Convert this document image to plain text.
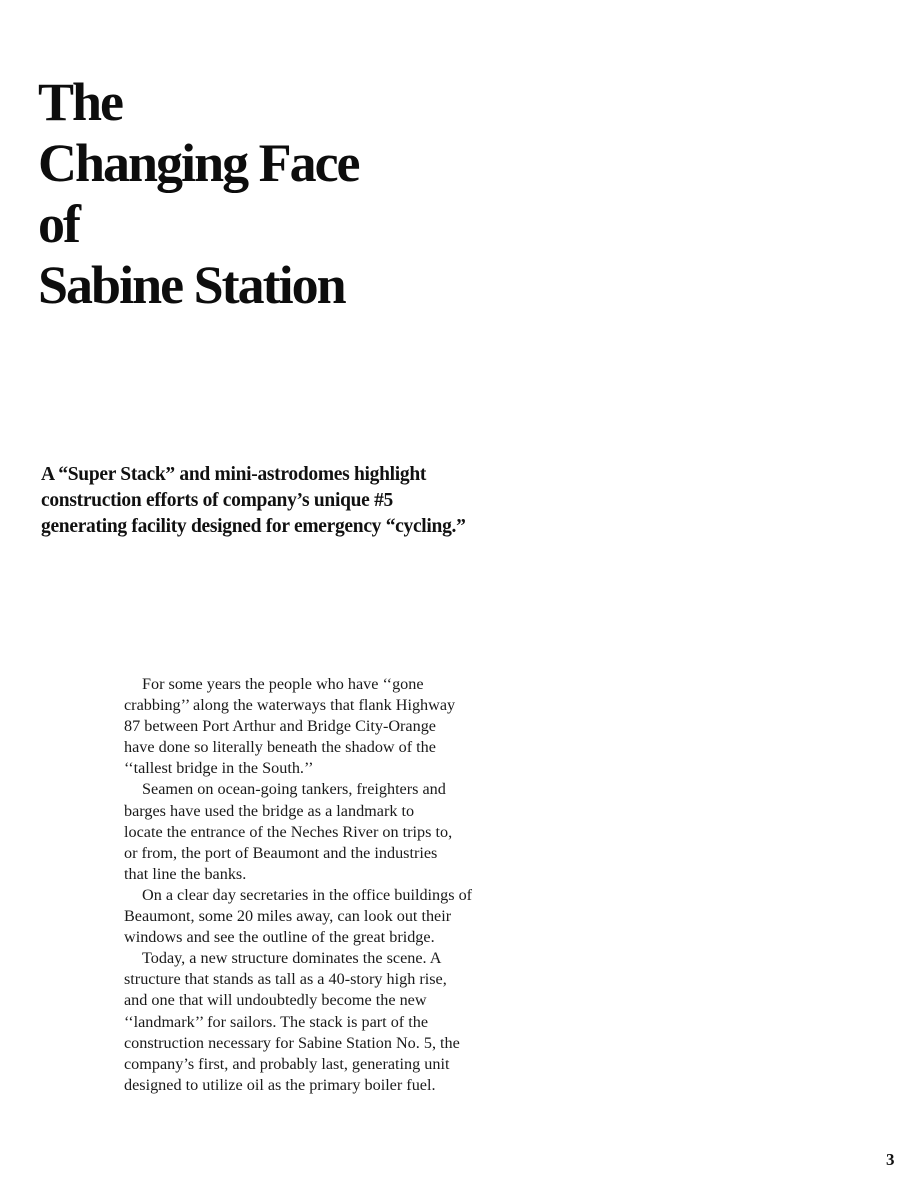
The
Changing Face
of
Sabine Station
A “Super Stack” and mini-astrodomes highlight
construction efforts of company’s unique #5
generating facility designed for emergency “cycling.”
For some years the people who have ‘‘gone
crabbing’’ along the waterways that flank Highway
87 between Port Arthur and Bridge City-Orange
have done so literally beneath the shadow of the
‘‘tallest bridge in the South.’’
Seamen on ocean-going tankers, freighters and
barges have used the bridge as a landmark to
locate the entrance of the Neches River on trips to,
or from, the port of Beaumont and the industries
that line the banks.
On a clear day secretaries in the office buildings of
Beaumont, some 20 miles away, can look out their
windows and see the outline of the great bridge.
Today, a new structure dominates the scene. A
structure that stands as tall as a 40-story high rise,
and one that will undoubtedly become the new
‘‘landmark’’ for sailors. The stack is part of the
construction necessary for Sabine Station No. 5, the
company’s first, and probably last, generating unit
designed to utilize oil as the primary boiler fuel.
3
